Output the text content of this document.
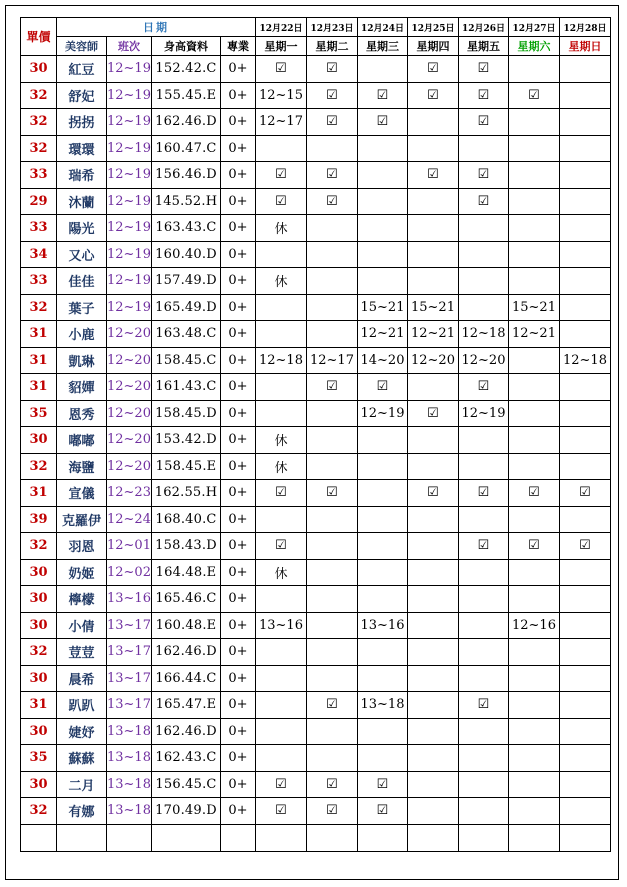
單價	日期				12月22日	12月23日	12月24日	12月25日	12月26日	12月27日	12月28日
	美容師	班次	身高資料	專業	星期一	星期二	星期三	星期四	星期五	星期六	星期日
30	紅豆	12~19	152.42.C	0+	☑	☑		☑	☑		
32	舒妃	12~19	155.45.E	0+	12~15	☑	☑	☑	☑	☑	
32	拐拐	12~19	162.46.D	0+	12~17	☑	☑		☑		
32	環環	12~19	160.47.C	0+							
33	瑞希	12~19	156.46.D	0+	☑	☑		☑	☑		
29	沐蘭	12~19	145.52.H	0+	☑	☑			☑		
33	陽光	12~19	163.43.C	0+	休						
34	又心	12~19	160.40.D	0+							
33	佳佳	12~19	157.49.D	0+	休						
32	葉子	12~19	165.49.D	0+			15~21	15~21		15~21	
31	小鹿	12~20	163.48.C	0+			12~21	12~21	12~18	12~21	
31	凱琳	12~20	158.45.C	0+	12~18	12~17	14~20	12~20	12~20		12~18
31	貂嬋	12~20	161.43.C	0+		☑	☑		☑		
35	恩秀	12~20	158.45.D	0+			12~19	☑	12~19		
30	嘟嘟	12~20	153.42.D	0+	休						
32	海鹽	12~20	158.45.E	0+	休						
31	宣儀	12~23	162.55.H	0+	☑	☑		☑	☑	☑	☑
39	克羅伊	12~24	168.40.C	0+							
32	羽恩	12~01	158.43.D	0+	☑				☑	☑	☑
30	奶姬	12~02	164.48.E	0+	休						
30	檸檬	13~16	165.46.C	0+							
30	小倩	13~17	160.48.E	0+	13~16		13~16			12~16	
32	荳荳	13~17	162.46.D	0+							
30	晨希	13~17	166.44.C	0+							
31	趴趴	13~17	165.47.E	0+		☑	13~18		☑		
30	婕妤	13~18	162.46.D	0+							
35	蘇蘇	13~18	162.43.C	0+							
30	二月	13~18	156.45.C	0+	☑	☑	☑				
32	有娜	13~18	170.49.D	0+	☑	☑	☑				
